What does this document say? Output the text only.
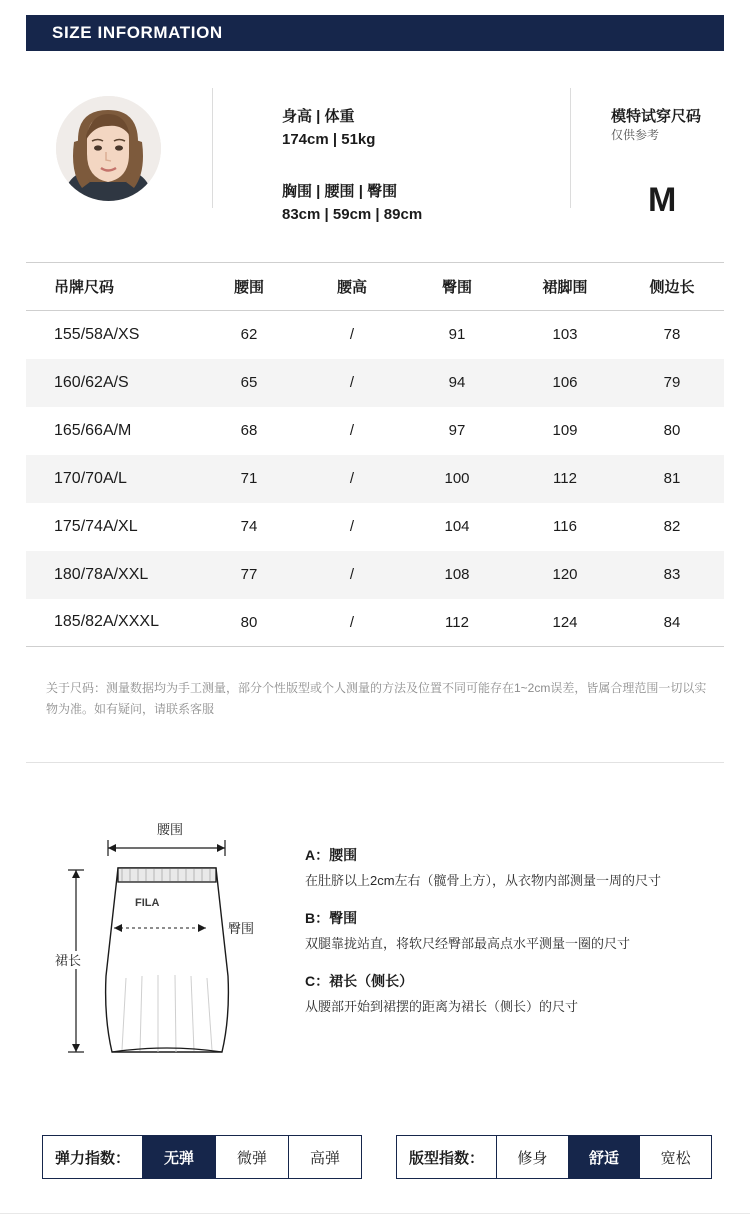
SIZE INFORMATION
身高 | 体重
174cm | 51kg
胸围 | 腰围 | 臀围
83cm | 59cm | 89cm
模特试穿尺码
仅供参考
M
吊牌尺码	腰围	腰高	臀围	裙脚围	侧边长
155/58A/XS	62	/	91	103	78
160/62A/S	65	/	94	106	79
165/66A/M	68	/	97	109	80
170/70A/L	71	/	100	112	81
175/74A/XL	74	/	104	116	82
180/78A/XXL	77	/	108	120	83
185/82A/XXXL	80	/	112	124	84
关于尺码：测量数据均为手工测量，部分个性版型或个人测量的方法及位置不同可能存在1~2cm误差，皆属合理范围一切以实物为准。如有疑问，请联系客服
腰围
FILA
臀围
裙长
A：腰围
在肚脐以上2cm左右（髋骨上方），从衣物内部测量一周的尺寸
B：臀围
双腿靠拢站直，将软尺经臀部最高点水平测量一圈的尺寸
C：裙长（侧长）
从腰部开始到裙摆的距离为裙长（侧长）的尺寸
弹力指数：	无弹	微弹	高弹	版型指数：	修身	舒适	宽松
